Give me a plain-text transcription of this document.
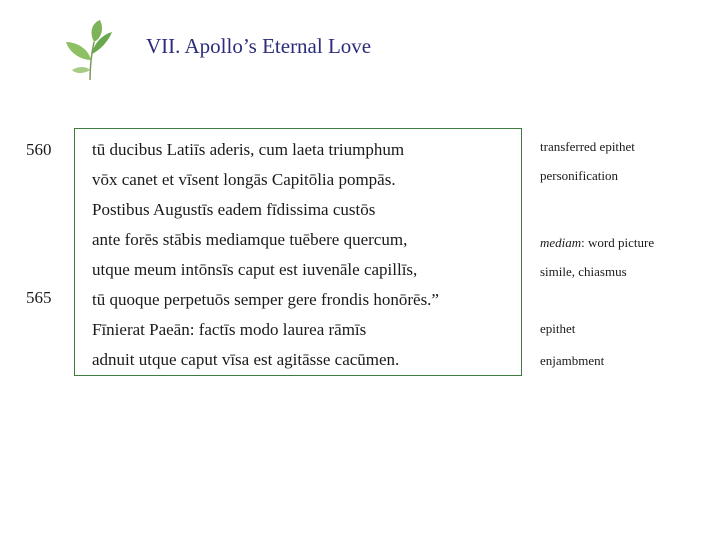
VII. Apollo’s Eternal Love
560
565
tū ducibus Latiīs aderis, cum laeta triumphum
vōx canet et vīsent longās Capitōlia pompās.
Postibus Augustīs eadem fīdissima custōs
ante forēs stābis mediamque tuēbere quercum,
utque meum intōnsīs caput est iuvenāle capillīs,
tū quoque perpetuōs semper gere frondis honōrēs.”
Fīnierat Paeān: factīs modo laurea rāmīs
adnuit utque caput vīsa est agitāsse cacūmen.
transferred epithet
personification
mediam: word picture
simile, chiasmus
epithet
enjambment
